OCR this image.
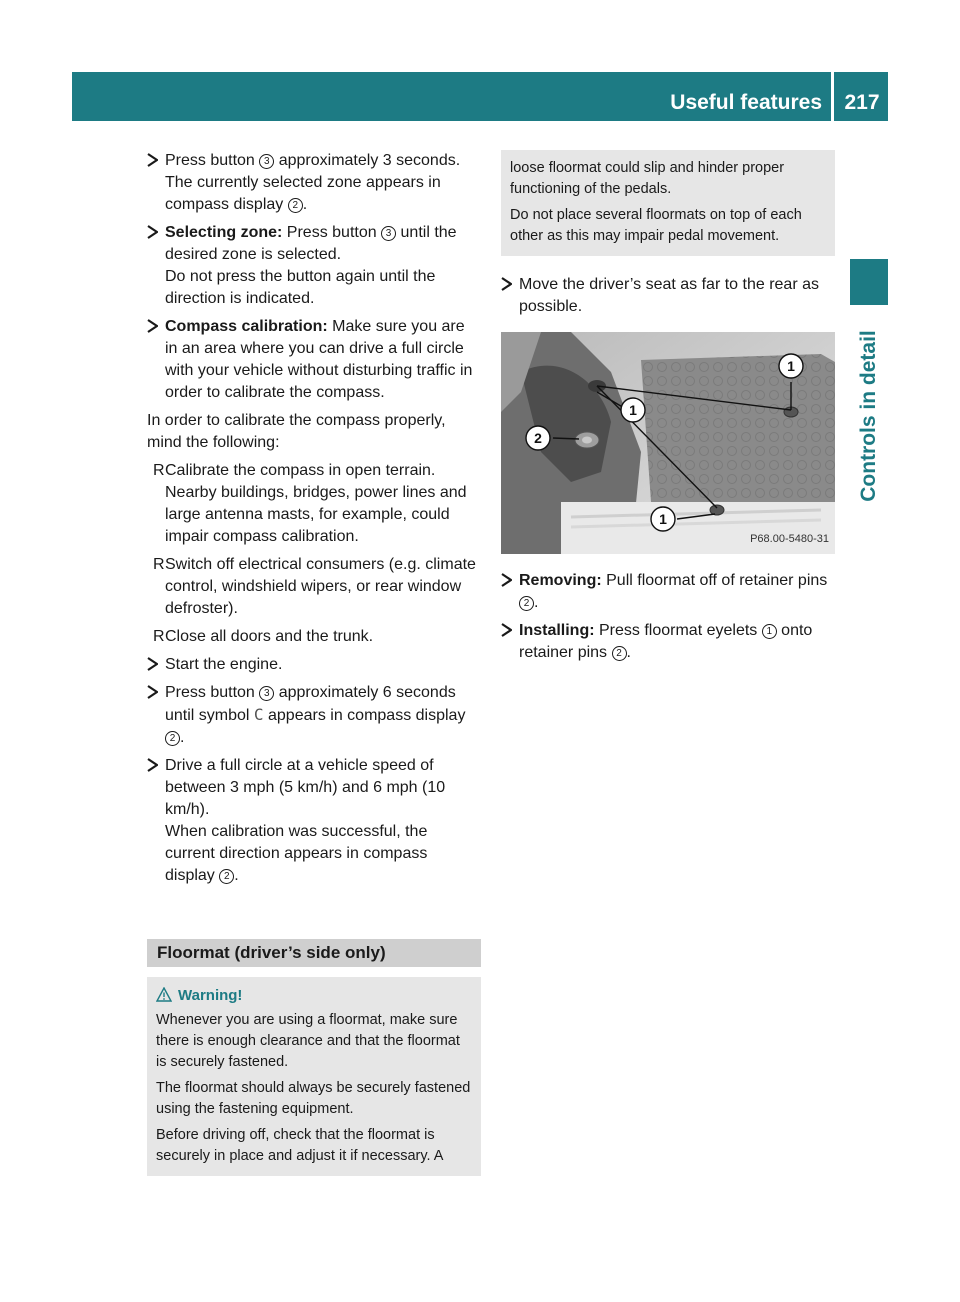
Useful features	217
Controls in detail
Press button 3 approximately 3 seconds.
The currently selected zone appears in compass display 2 .
Selecting zone: Press button 3 until the desired zone is selected.
Do not press the button again until the direction is indicated.
Compass calibration: Make sure you are in an area where you can drive a full circle with your vehicle without disturbing traffic in order to calibrate the compass.

In order to calibrate the compass properly, mind the following:

R Calibrate the compass in open terrain. Nearby buildings, bridges, power lines and large antenna masts, for example, could impair compass calibration.
R Switch off electrical consumers (e.g. climate control, windshield wipers, or rear window defroster).
R Close all doors and the trunk.
Start the engine.
Press button 3 approximately 6 seconds until symbol C appears in compass display 2 .
Drive a full circle at a vehicle speed of between 3 mph (5 km/h) and 6 mph (10 km/h).
When calibration was successful, the current direction appears in compass display 2 .
Floormat (driver’s side only)
Warning!

Whenever you are using a floormat, make sure there is enough clearance and that the floormat is securely fastened.

The floormat should always be securely fastened using the fastening equipment.

Before driving off, check that the floormat is securely in place and adjust it if necessary. A

loose floormat could slip and hinder proper functioning of the pedals.

Do not place several floormats on top of each other as this may impair pedal movement.

Move the driver’s seat as far to the rear as possible.
1
1
2
1
P68.00-5480-31
Removing: Pull floormat off of retainer pins 2 .
Installing: Press floormat eyelets 1 onto retainer pins 2 .
